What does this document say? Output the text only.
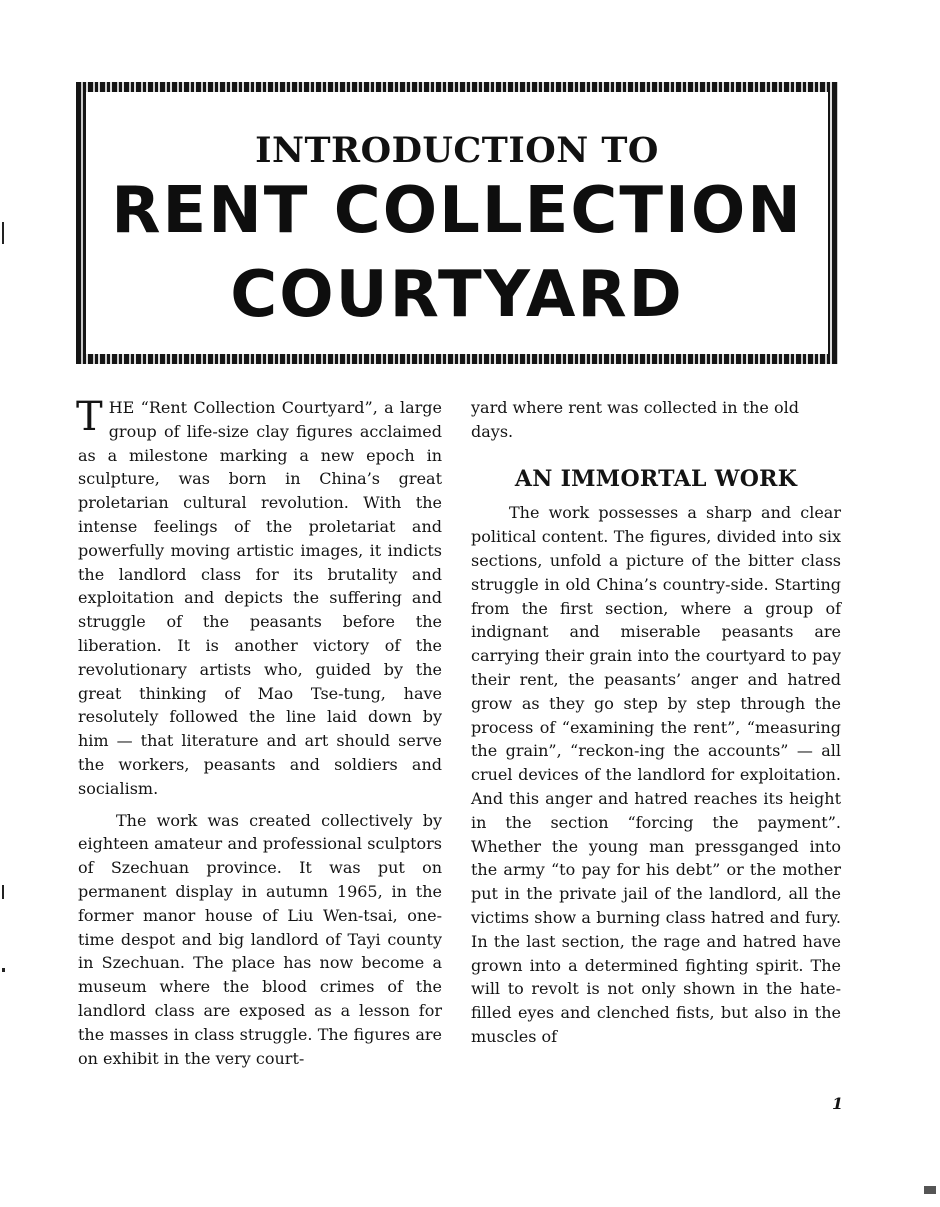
INTRODUCTION TO
RENT COLLECTION
COURTYARD

THE “Rent Collection Courtyard”, a large group of life-size clay figures acclaimed as a milestone marking a new epoch in sculpture, was born in China’s great proletarian cultural revolution. With the intense feelings of the proletariat and powerfully moving artistic images, it indicts the landlord class for its brutality and exploitation and depicts the suffering and struggle of the peasants before the liberation. It is another victory of the revolutionary artists who, guided by the great thinking of Mao Tse-tung, have resolutely followed the line laid down by him — that literature and art should serve the workers, peasants and soldiers and socialism.

The work was created collectively by eighteen amateur and professional sculptors of Szechuan province. It was put on permanent display in autumn 1965, in the former manor house of Liu Wen-tsai, one-time despot and big landlord of Tayi county in Szechuan. The place has now become a museum where the blood crimes of the landlord class are exposed as a lesson for the masses in class struggle. The figures are on exhibit in the very court-

yard where rent was collected in the old days.

AN IMMORTAL WORK

The work possesses a sharp and clear political content. The figures, divided into six sections, unfold a picture of the bitter class struggle in old China’s country-side. Starting from the first section, where a group of indignant and miserable peasants are carrying their grain into the courtyard to pay their rent, the peasants’ anger and hatred grow as they go step by step through the process of “examining the rent”, “measuring the grain”, “reckon-ing the accounts” — all cruel devices of the landlord for exploitation. And this anger and hatred reaches its height in the section “forcing the payment”. Whether the young man pressganged into the army “to pay for his debt” or the mother put in the private jail of the landlord, all the victims show a burning class hatred and fury. In the last section, the rage and hatred have grown into a determined fighting spirit. The will to revolt is not only shown in the hate-filled eyes and clenched fists, but also in the muscles of

1
